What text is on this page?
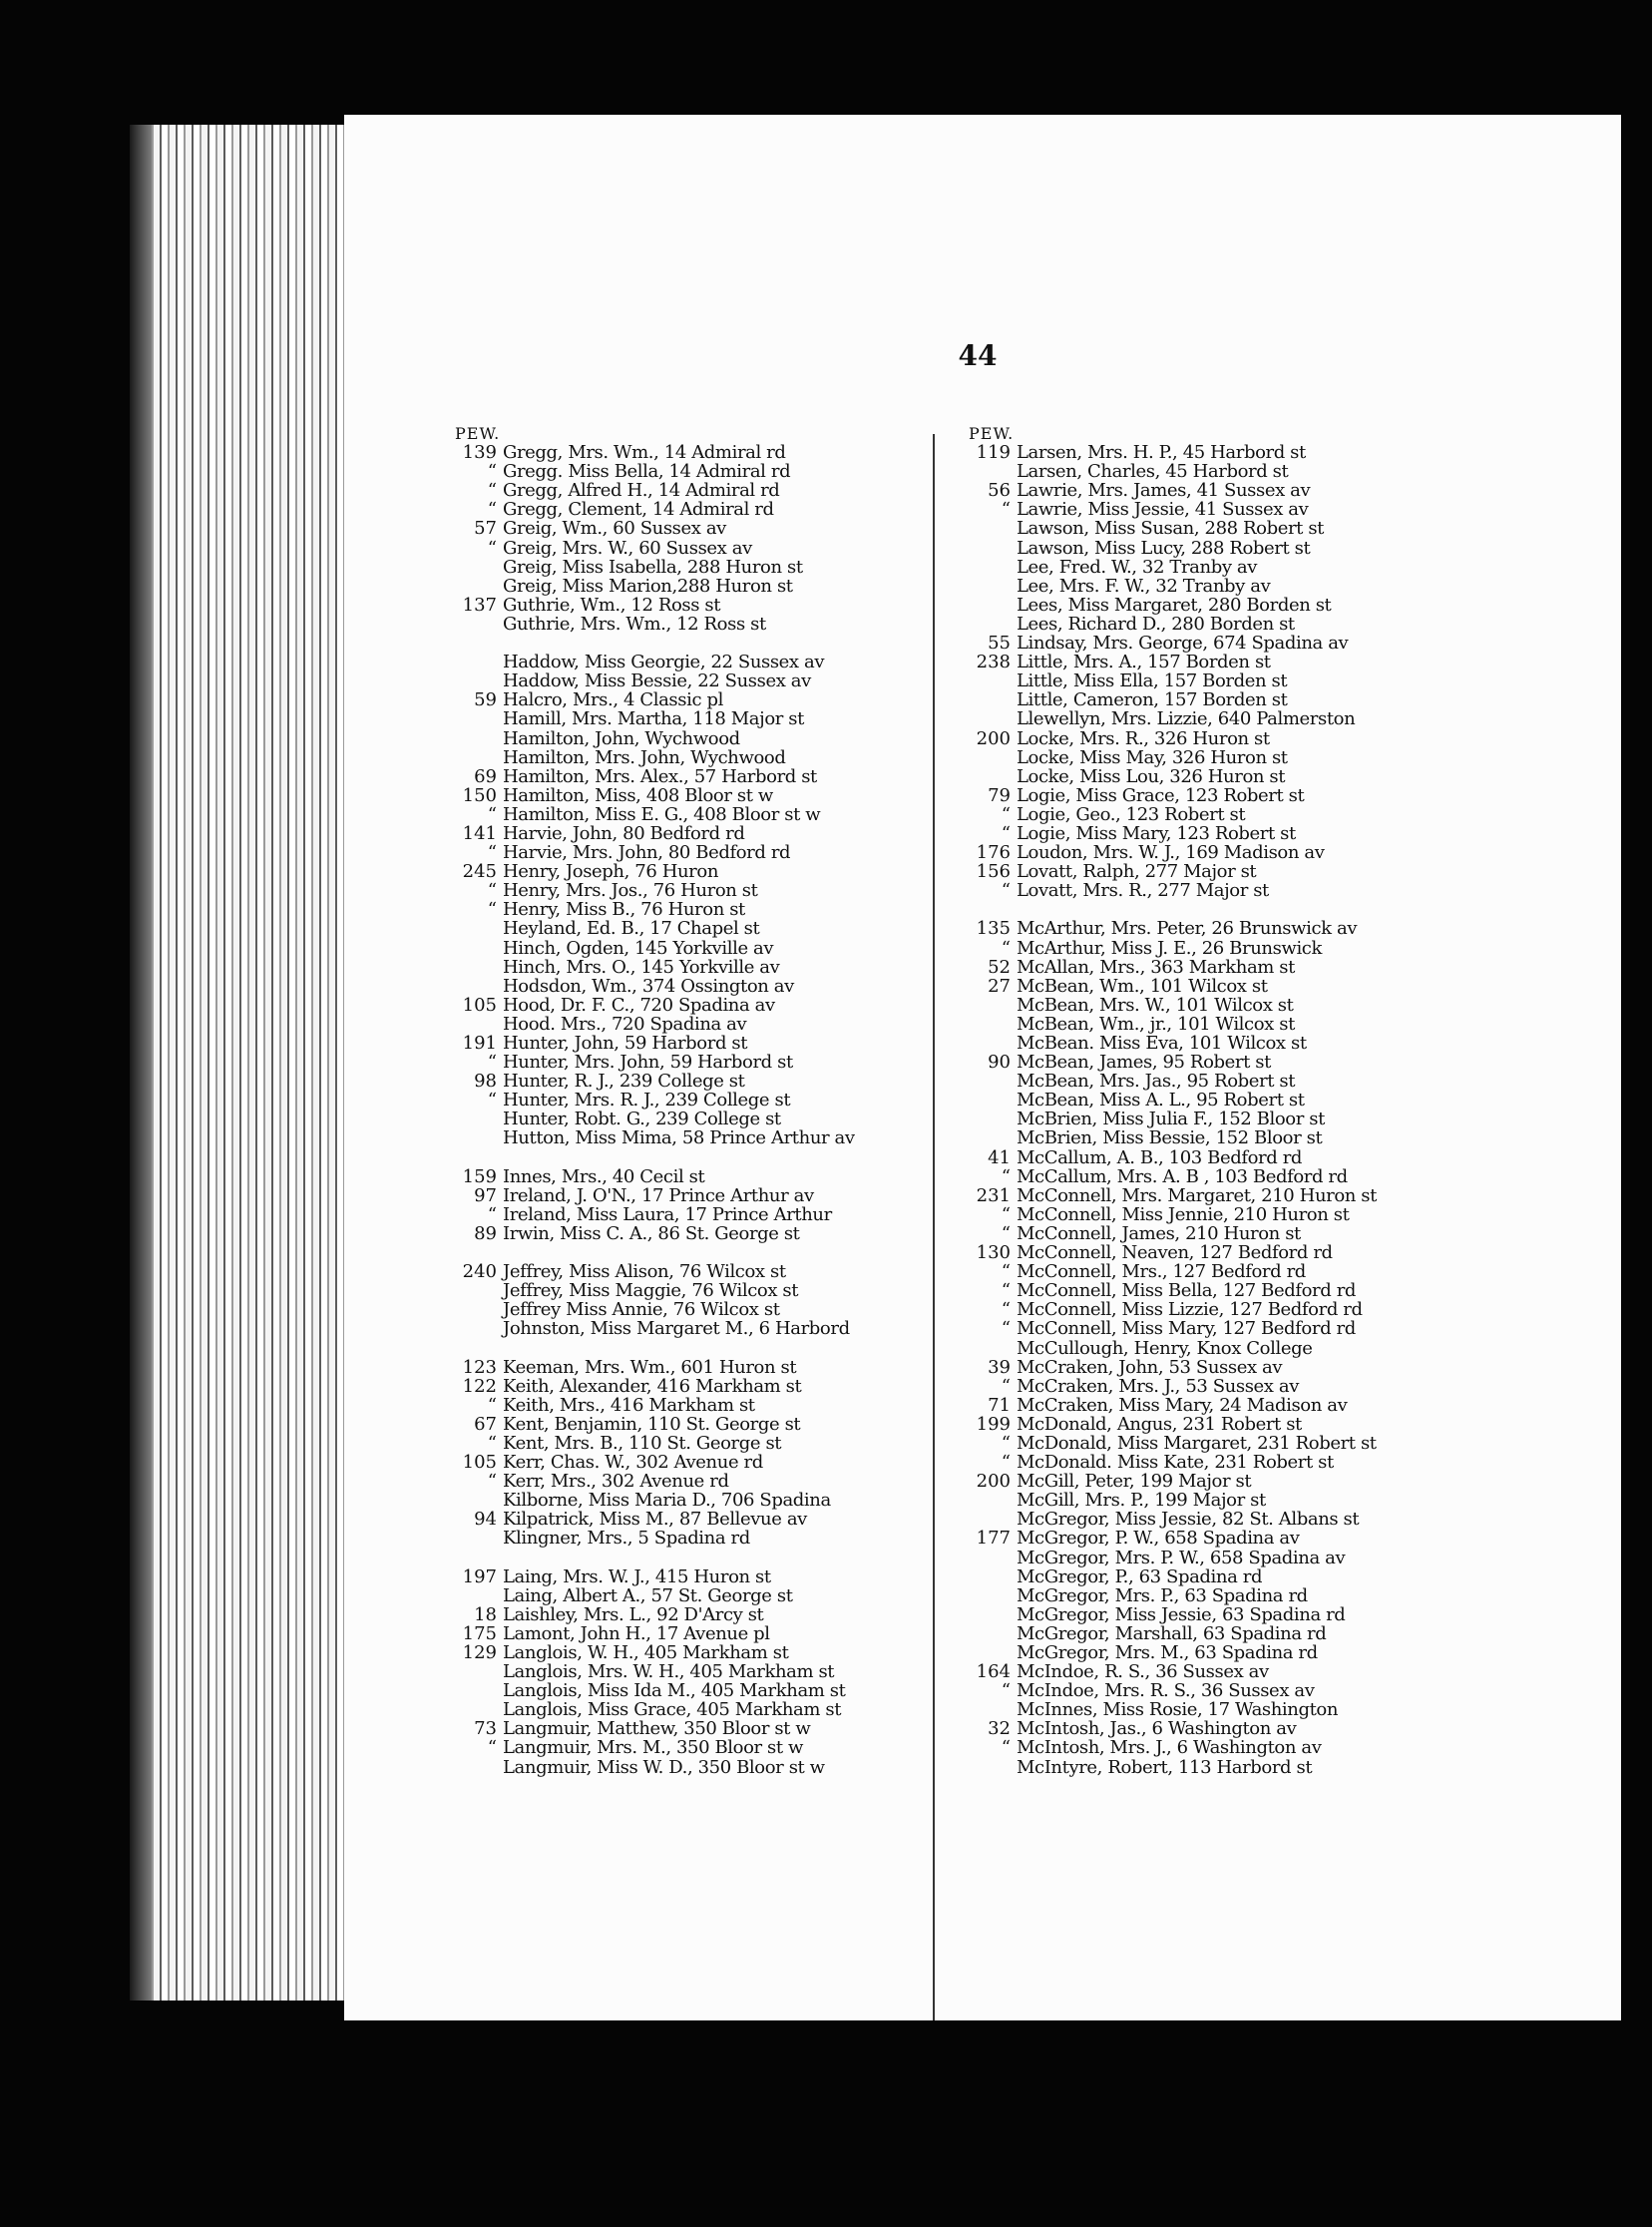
44
PEW.
139 Gregg, Mrs. Wm., 14 Admiral rd
“ Gregg. Miss Bella, 14 Admiral rd
“ Gregg, Alfred H., 14 Admiral rd
“ Gregg, Clement, 14 Admiral rd
57 Greig, Wm., 60 Sussex av
“ Greig, Mrs. W., 60 Sussex av
Greig, Miss Isabella, 288 Huron st
Greig, Miss Marion,288 Huron st
137 Guthrie, Wm., 12 Ross st
Guthrie, Mrs. Wm., 12 Ross st
Haddow, Miss Georgie, 22 Sussex av
Haddow, Miss Bessie, 22 Sussex av
59 Halcro, Mrs., 4 Classic pl
Hamill, Mrs. Martha, 118 Major st
Hamilton, John, Wychwood
Hamilton, Mrs. John, Wychwood
69 Hamilton, Mrs. Alex., 57 Harbord st
150 Hamilton, Miss, 408 Bloor st w
“ Hamilton, Miss E. G., 408 Bloor st w
141 Harvie, John, 80 Bedford rd
“ Harvie, Mrs. John, 80 Bedford rd
245 Henry, Joseph, 76 Huron
“ Henry, Mrs. Jos., 76 Huron st
“ Henry, Miss B., 76 Huron st
Heyland, Ed. B., 17 Chapel st
Hinch, Ogden, 145 Yorkville av
Hinch, Mrs. O., 145 Yorkville av
Hodsdon, Wm., 374 Ossington av
105 Hood, Dr. F. C., 720 Spadina av
Hood. Mrs., 720 Spadina av
191 Hunter, John, 59 Harbord st
“ Hunter, Mrs. John, 59 Harbord st
98 Hunter, R. J., 239 College st
“ Hunter, Mrs. R. J., 239 College st
Hunter, Robt. G., 239 College st
Hutton, Miss Mima, 58 Prince Arthur av
159 Innes, Mrs., 40 Cecil st
97 Ireland, J. O'N., 17 Prince Arthur av
“ Ireland, Miss Laura, 17 Prince Arthur
89 Irwin, Miss C. A., 86 St. George st
240 Jeffrey, Miss Alison, 76 Wilcox st
Jeffrey, Miss Maggie, 76 Wilcox st
Jeffrey Miss Annie, 76 Wilcox st
Johnston, Miss Margaret M., 6 Harbord
123 Keeman, Mrs. Wm., 601 Huron st
122 Keith, Alexander, 416 Markham st
“ Keith, Mrs., 416 Markham st
67 Kent, Benjamin, 110 St. George st
“ Kent, Mrs. B., 110 St. George st
105 Kerr, Chas. W., 302 Avenue rd
“ Kerr, Mrs., 302 Avenue rd
Kilborne, Miss Maria D., 706 Spadina
94 Kilpatrick, Miss M., 87 Bellevue av
Klingner, Mrs., 5 Spadina rd
197 Laing, Mrs. W. J., 415 Huron st
Laing, Albert A., 57 St. George st
18 Laishley, Mrs. L., 92 D'Arcy st
175 Lamont, John H., 17 Avenue pl
129 Langlois, W. H., 405 Markham st
Langlois, Mrs. W. H., 405 Markham st
Langlois, Miss Ida M., 405 Markham st
Langlois, Miss Grace, 405 Markham st
73 Langmuir, Matthew, 350 Bloor st w
“ Langmuir, Mrs. M., 350 Bloor st w
Langmuir, Miss W. D., 350 Bloor st w
PEW.
119 Larsen, Mrs. H. P., 45 Harbord st
Larsen, Charles, 45 Harbord st
56 Lawrie, Mrs. James, 41 Sussex av
“ Lawrie, Miss Jessie, 41 Sussex av
Lawson, Miss Susan, 288 Robert st
Lawson, Miss Lucy, 288 Robert st
Lee, Fred. W., 32 Tranby av
Lee, Mrs. F. W., 32 Tranby av
Lees, Miss Margaret, 280 Borden st
Lees, Richard D., 280 Borden st
55 Lindsay, Mrs. George, 674 Spadina av
238 Little, Mrs. A., 157 Borden st
Little, Miss Ella, 157 Borden st
Little, Cameron, 157 Borden st
Llewellyn, Mrs. Lizzie, 640 Palmerston
200 Locke, Mrs. R., 326 Huron st
Locke, Miss May, 326 Huron st
Locke, Miss Lou, 326 Huron st
79 Logie, Miss Grace, 123 Robert st
“ Logie, Geo., 123 Robert st
“ Logie, Miss Mary, 123 Robert st
176 Loudon, Mrs. W. J., 169 Madison av
156 Lovatt, Ralph, 277 Major st
“ Lovatt, Mrs. R., 277 Major st
135 McArthur, Mrs. Peter, 26 Brunswick av
“ McArthur, Miss J. E., 26 Brunswick
52 McAllan, Mrs., 363 Markham st
27 McBean, Wm., 101 Wilcox st
McBean, Mrs. W., 101 Wilcox st
McBean, Wm., jr., 101 Wilcox st
McBean. Miss Eva, 101 Wilcox st
90 McBean, James, 95 Robert st
McBean, Mrs. Jas., 95 Robert st
McBean, Miss A. L., 95 Robert st
McBrien, Miss Julia F., 152 Bloor st
McBrien, Miss Bessie, 152 Bloor st
41 McCallum, A. B., 103 Bedford rd
“ McCallum, Mrs. A. B , 103 Bedford rd
231 McConnell, Mrs. Margaret, 210 Huron st
“ McConnell, Miss Jennie, 210 Huron st
“ McConnell, James, 210 Huron st
130 McConnell, Neaven, 127 Bedford rd
“ McConnell, Mrs., 127 Bedford rd
“ McConnell, Miss Bella, 127 Bedford rd
“ McConnell, Miss Lizzie, 127 Bedford rd
“ McConnell, Miss Mary, 127 Bedford rd
McCullough, Henry, Knox College
39 McCraken, John, 53 Sussex av
“ McCraken, Mrs. J., 53 Sussex av
71 McCraken, Miss Mary, 24 Madison av
199 McDonald, Angus, 231 Robert st
“ McDonald, Miss Margaret, 231 Robert st
“ McDonald. Miss Kate, 231 Robert st
200 McGill, Peter, 199 Major st
McGill, Mrs. P., 199 Major st
McGregor, Miss Jessie, 82 St. Albans st
177 McGregor, P. W., 658 Spadina av
McGregor, Mrs. P. W., 658 Spadina av
McGregor, P., 63 Spadina rd
McGregor, Mrs. P., 63 Spadina rd
McGregor, Miss Jessie, 63 Spadina rd
McGregor, Marshall, 63 Spadina rd
McGregor, Mrs. M., 63 Spadina rd
164 McIndoe, R. S., 36 Sussex av
“ McIndoe, Mrs. R. S., 36 Sussex av
McInnes, Miss Rosie, 17 Washington
32 McIntosh, Jas., 6 Washington av
“ McIntosh, Mrs. J., 6 Washington av
McIntyre, Robert, 113 Harbord st
